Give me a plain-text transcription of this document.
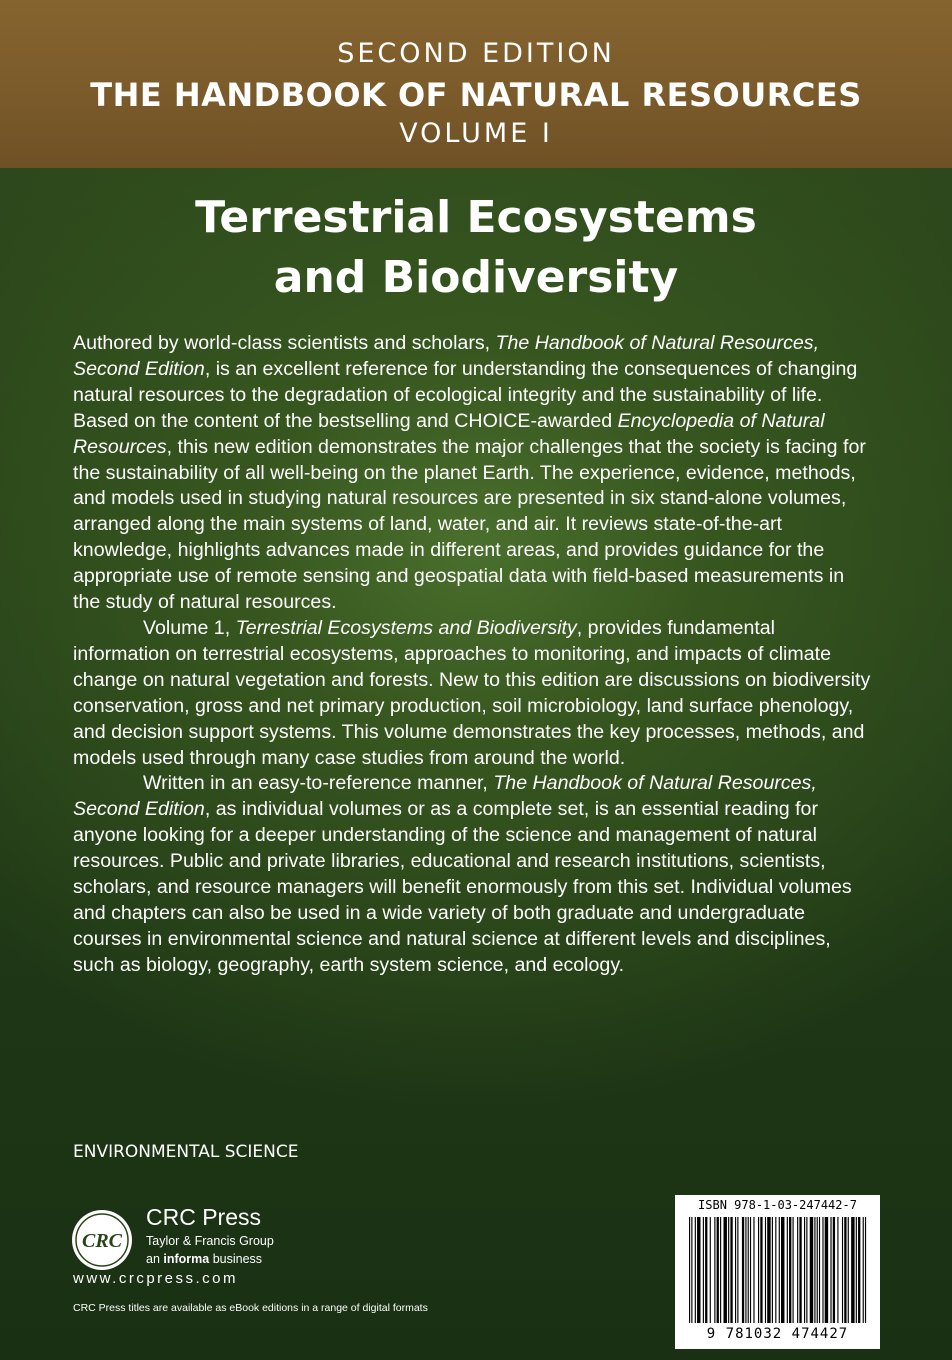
SECOND EDITION
THE HANDBOOK OF NATURAL RESOURCES
VOLUME I
Terrestrial Ecosystems
and Biodiversity

Authored by world-class scientists and scholars, The Handbook of Natural Resources, Second Edition, is an excellent reference for understanding the consequences of changing natural resources to the degradation of ecological integrity and the sustainability of life. Based on the content of the bestselling and CHOICE-awarded Encyclopedia of Natural Resources, this new edition demonstrates the major challenges that the society is facing for the sustainability of all well-being on the planet Earth. The experience, evidence, methods, and models used in studying natural resources are presented in six stand-alone volumes, arranged along the main systems of land, water, and air. It reviews state-of-the-art knowledge, highlights advances made in different areas, and provides guidance for the appropriate use of remote sensing and geospatial data with field-based measurements in the study of natural resources.

Volume 1, Terrestrial Ecosystems and Biodiversity, provides fundamental information on terrestrial ecosystems, approaches to monitoring, and impacts of climate change on natural vegetation and forests. New to this edition are discussions on biodiversity conservation, gross and net primary production, soil microbiology, land surface phenology, and decision support systems. This volume demonstrates the key processes, methods, and models used through many case studies from around the world.

Written in an easy-to-reference manner, The Handbook of Natural Resources, Second Edition, as individual volumes or as a complete set, is an essential reading for anyone looking for a deeper understanding of the science and management of natural resources. Public and private libraries, educational and research institutions, scientists, scholars, and resource managers will benefit enormously from this set. Individual volumes and chapters can also be used in a wide variety of both graduate and undergraduate courses in environmental science and natural science at different levels and disciplines, such as biology, geography, earth system science, and ecology.

ENVIRONMENTAL SCIENCE
CRC
CRC Press
Taylor & Francis Group
an informa business
www.crcpress.com
CRC Press titles are available as eBook editions in a range of digital formats
ISBN 978-1-03-247442-7
9 781032 474427
